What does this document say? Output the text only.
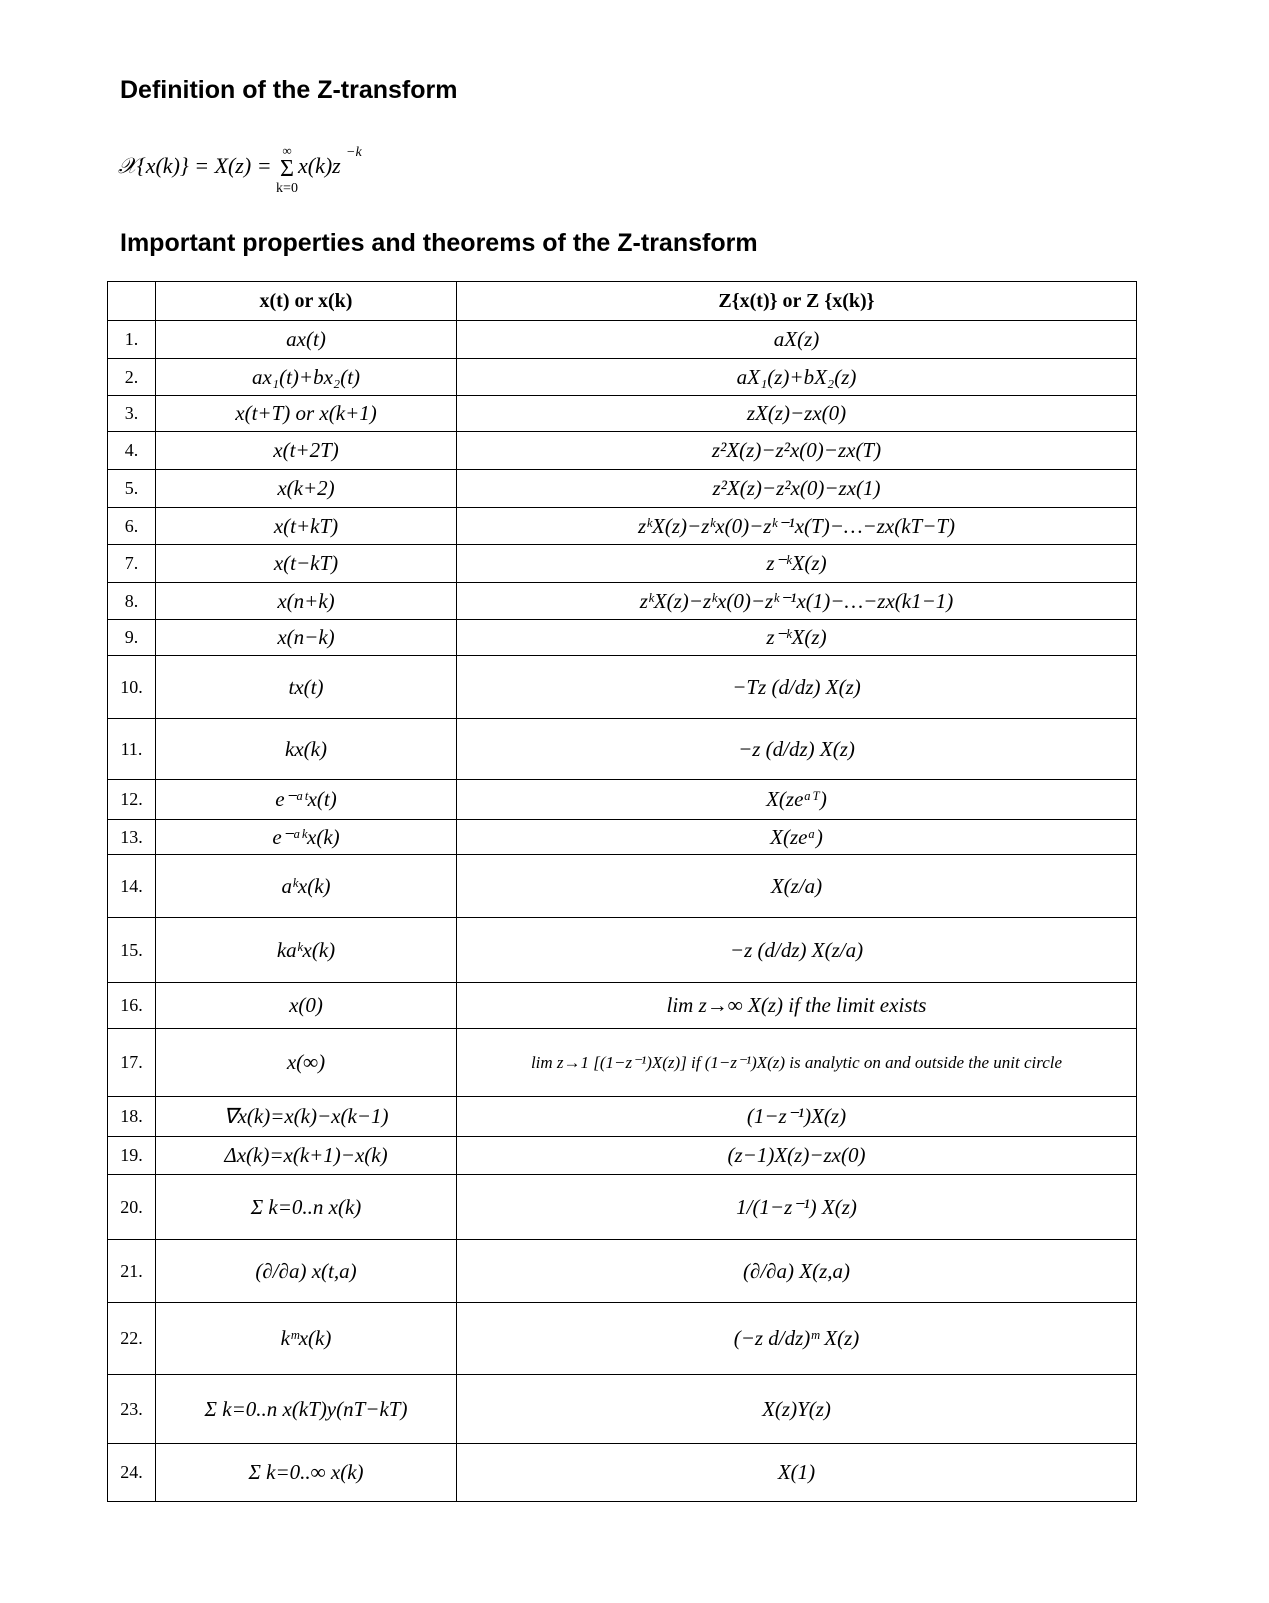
Definition of the Z-transform
𝒳{x(k)} = X(z) =
∞
Σ
k=0
x(k)z
−k
Important properties and theorems of the Z-transform
	x(t) or x(k)	Z{x(t)} or Z {x(k)}
1.	ax(t)	aX(z)
2.	ax₁(t)+bx₂(t)	aX₁(z)+bX₂(z)
3.	x(t+T) or x(k+1)	zX(z)−zx(0)
4.	x(t+2T)	z²X(z)−z²x(0)−zx(T)
5.	x(k+2)	z²X(z)−z²x(0)−zx(1)
6.	x(t+kT)	zᵏX(z)−zᵏx(0)−zᵏ⁻¹x(T)−…−zx(kT−T)
7.	x(t−kT)	z⁻ᵏX(z)
8.	x(n+k)	zᵏX(z)−zᵏx(0)−zᵏ⁻¹x(1)−…−zx(k1−1)
9.	x(n−k)	z⁻ᵏX(z)
10.	tx(t)	−Tz (d/dz) X(z)
11.	kx(k)	−z (d/dz) X(z)
12.	e⁻ᵃᵗx(t)	X(zeᵃᵀ)
13.	e⁻ᵃᵏx(k)	X(zeᵃ)
14.	aᵏx(k)	X(z/a)
15.	kaᵏx(k)	−z (d/dz) X(z/a)
16.	x(0)	lim z→∞ X(z) if the limit exists
17.	x(∞)	lim z→1 [(1−z⁻¹)X(z)] if (1−z⁻¹)X(z) is analytic on and outside the unit circle
18.	∇x(k)=x(k)−x(k−1)	(1−z⁻¹)X(z)
19.	Δx(k)=x(k+1)−x(k)	(z−1)X(z)−zx(0)
20.	Σ k=0..n x(k)	1/(1−z⁻¹) X(z)
21.	(∂/∂a) x(t,a)	(∂/∂a) X(z,a)
22.	kᵐx(k)	(−z d/dz)ᵐ X(z)
23.	Σ k=0..n x(kT)y(nT−kT)	X(z)Y(z)
24.	Σ k=0..∞ x(k)	X(1)
